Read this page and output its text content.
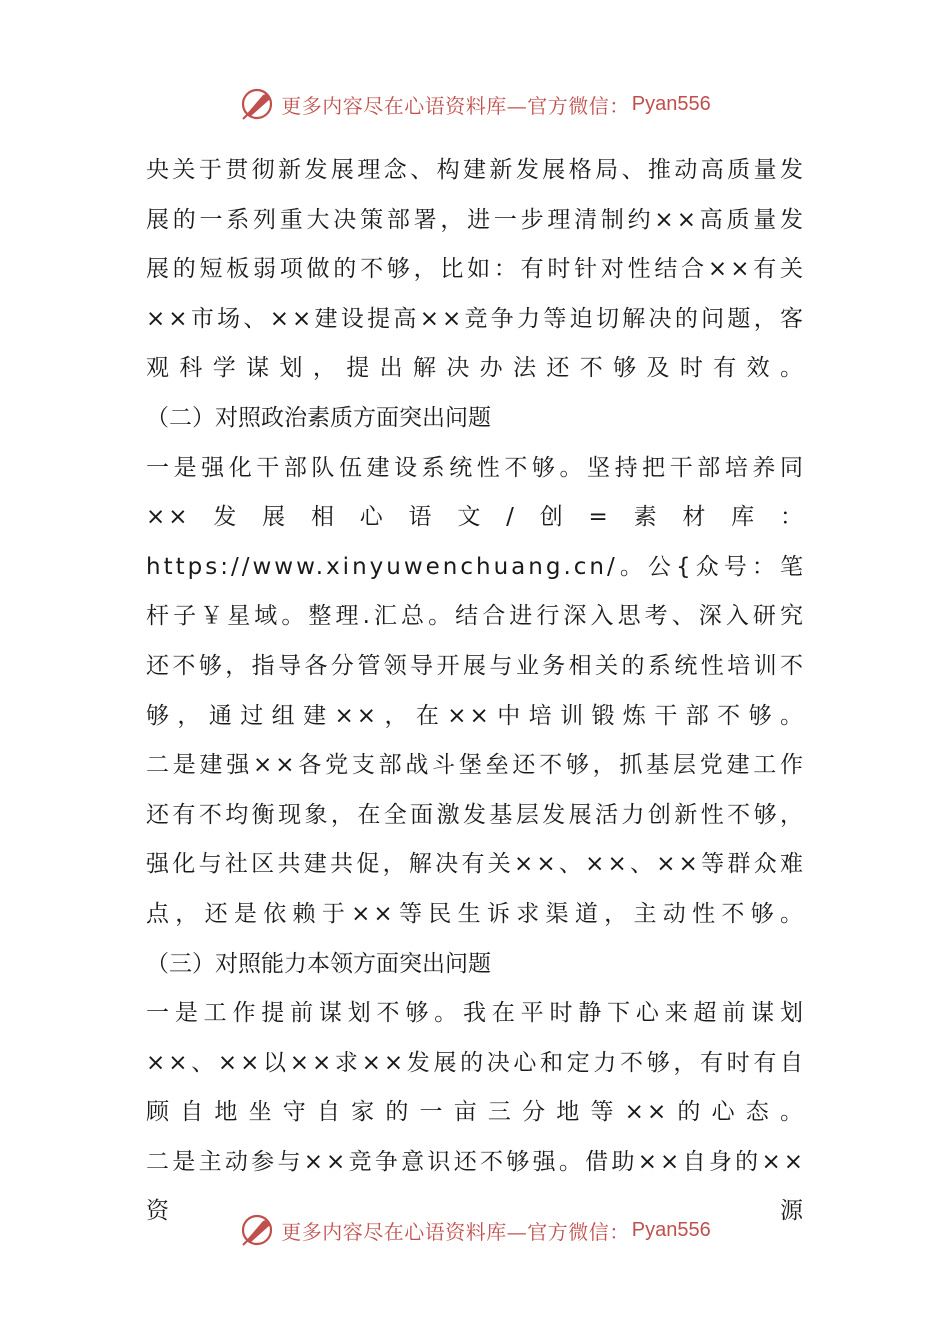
更多内容尽在心语资料库—官方微信： Pyan556

央关于贯彻新发展理念、构建新发展格局、推动高质量发展的一系列重大决策部署，进一步理清制约××高质量发展的短板弱项做的不够，比如：有时针对性结合××有关××市场、××建设提高××竞争力等迫切解决的问题，客观科学谋划，提出解决办法还不够及时有效。

（二）对照政治素质方面突出问题

一是强化干部队伍建设系统性不够。坚持把干部培养同××发展相心语文/创=素材库：https://www.xinyuwenchuang.cn/。公{众号：笔杆子￥星域。整理.汇总。结合进行深入思考、深入研究还不够，指导各分管领导开展与业务相关的系统性培训不够，通过组建××，在××中培训锻炼干部不够。

二是建强××各党支部战斗堡垒还不够，抓基层党建工作还有不均衡现象，在全面激发基层发展活力创新性不够，强化与社区共建共促，解决有关××、××、××等群众难点，还是依赖于××等民生诉求渠道，主动性不够。

（三）对照能力本领方面突出问题

一是工作提前谋划不够。我在平时静下心来超前谋划××、××以××求××发展的决心和定力不够，有时有自顾自地坐守自家的一亩三分地等××的心态。

二是主动参与××竞争意识还不够强。借助××自身的××资源

更多内容尽在心语资料库—官方微信： Pyan556
